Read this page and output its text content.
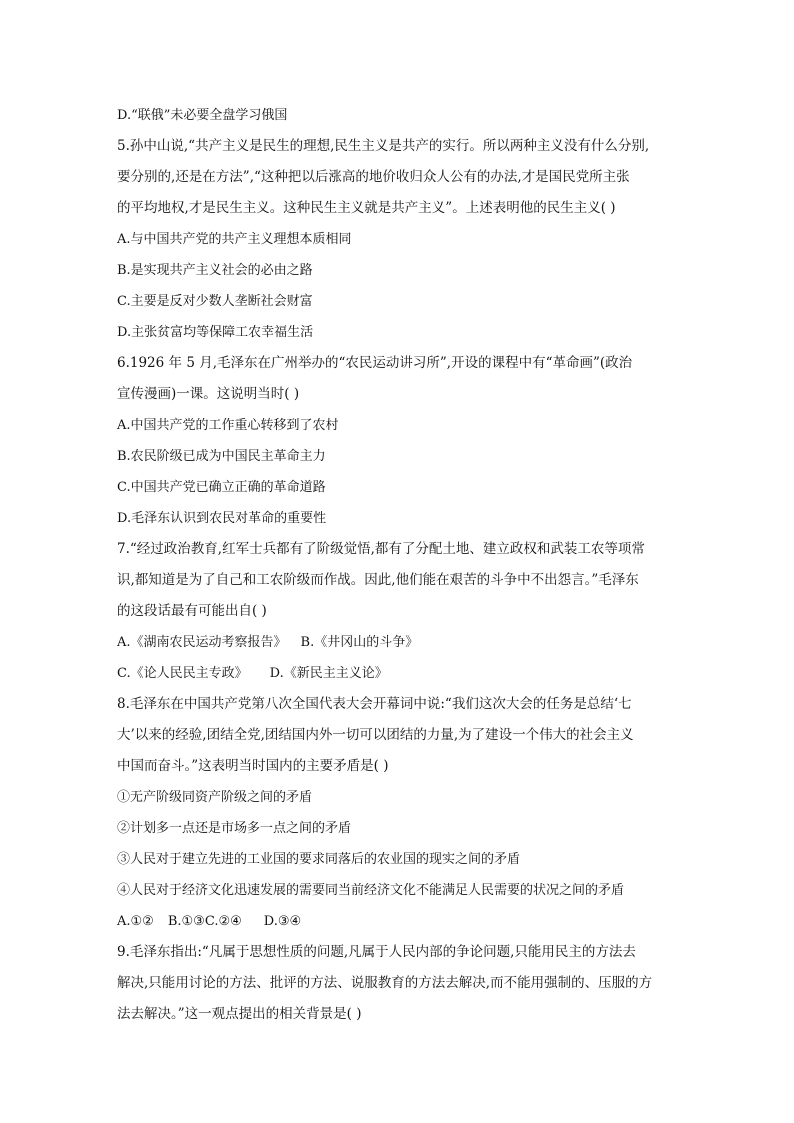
D.“联俄”未必要全盘学习俄国
5.孙中山说,“共产主义是民生的理想,民生主义是共产的实行。所以两种主义没有什么分别,
要分别的,还是在方法”,“这种把以后涨高的地价收归众人公有的办法,才是国民党所主张
的平均地权,才是民生主义。这种民生主义就是共产主义”。上述表明他的民生主义( )
A.与中国共产党的共产主义理想本质相同
B.是实现共产主义社会的必由之路
C.主要是反对少数人垄断社会财富
D.主张贫富均等保障工农幸福生活
6.1926 年 5 月,毛泽东在广州举办的“农民运动讲习所”,开设的课程中有“革命画”(政治
宣传漫画)一课。这说明当时( )
A.中国共产党的工作重心转移到了农村
B.农民阶级已成为中国民主革命主力
C.中国共产党已确立正确的革命道路
D.毛泽东认识到农民对革命的重要性
7.“经过政治教育,红军士兵都有了阶级觉悟,都有了分配土地、建立政权和武装工农等项常
识,都知道是为了自己和工农阶级而作战。因此,他们能在艰苦的斗争中不出怨言。”毛泽东
的这段话最有可能出自( )
A.《湖南农民运动考察报告》 B.《井冈山的斗争》
C.《论人民民主专政》 D.《新民主主义论》
8.毛泽东在中国共产党第八次全国代表大会开幕词中说:“我们这次大会的任务是总结‘七
大’以来的经验,团结全党,团结国内外一切可以团结的力量,为了建设一个伟大的社会主义
中国而奋斗。”这表明当时国内的主要矛盾是( )
①无产阶级同资产阶级之间的矛盾
②计划多一点还是市场多一点之间的矛盾
③人民对于建立先进的工业国的要求同落后的农业国的现实之间的矛盾
④人民对于经济文化迅速发展的需要同当前经济文化不能满足人民需要的状况之间的矛盾
A.①② B.①③C.②④ D.③④
9.毛泽东指出:“凡属于思想性质的问题,凡属于人民内部的争论问题,只能用民主的方法去
解决,只能用讨论的方法、批评的方法、说服教育的方法去解决,而不能用强制的、压服的方
法去解决。”这一观点提出的相关背景是( )
